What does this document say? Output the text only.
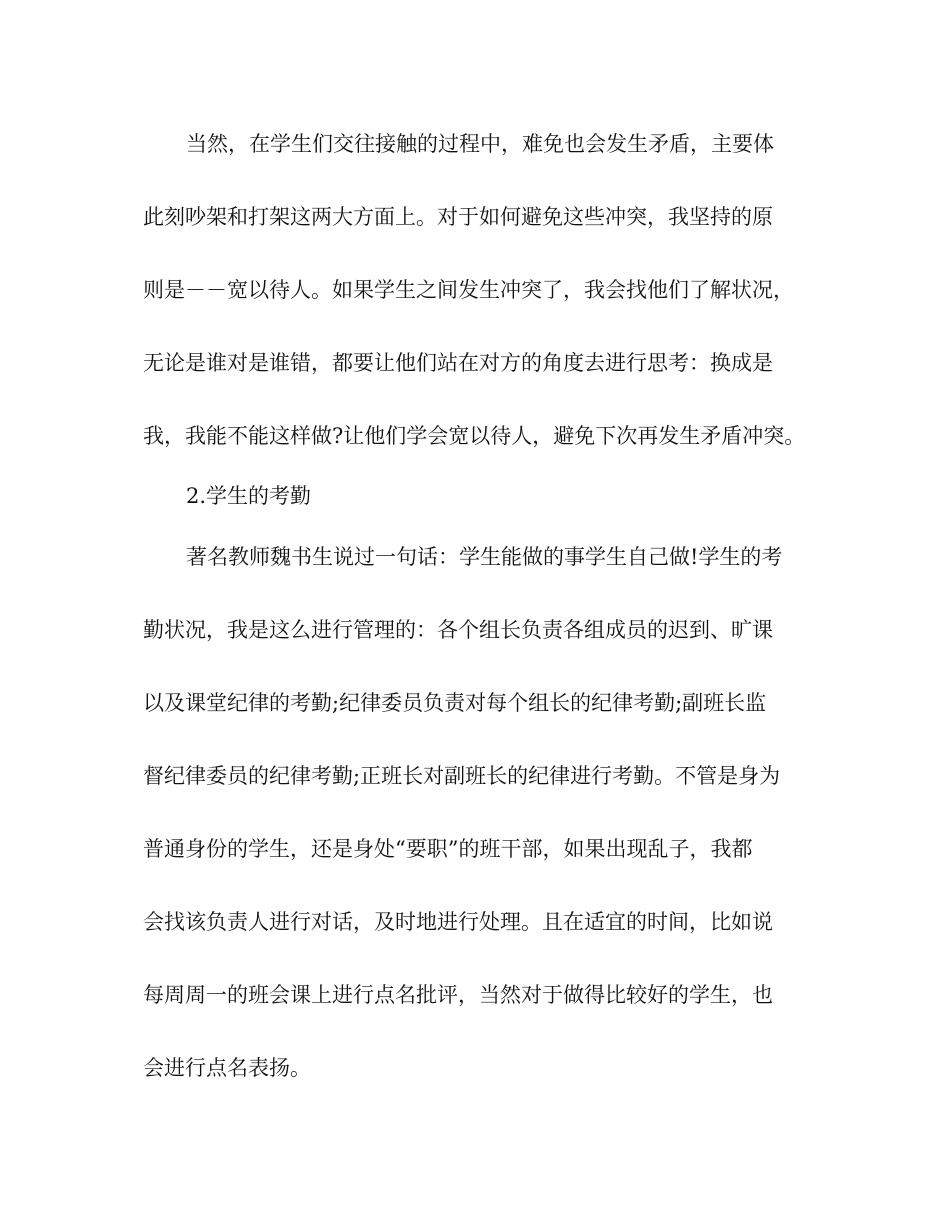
当然，在学生们交往接触的过程中，难免也会发生矛盾，主要体
此刻吵架和打架这两大方面上。对于如何避免这些冲突，我坚持的原
则是－－宽以待人。如果学生之间发生冲突了，我会找他们了解状况，
无论是谁对是谁错，都要让他们站在对方的角度去进行思考：换成是
我，我能不能这样做?让他们学会宽以待人，避免下次再发生矛盾冲突。
2.学生的考勤
著名教师魏书生说过一句话：学生能做的事学生自己做!学生的考
勤状况，我是这么进行管理的：各个组长负责各组成员的迟到、旷课
以及课堂纪律的考勤;纪律委员负责对每个组长的纪律考勤;副班长监
督纪律委员的纪律考勤;正班长对副班长的纪律进行考勤。不管是身为
普通身份的学生，还是身处“要职”的班干部，如果出现乱子，我都
会找该负责人进行对话，及时地进行处理。且在适宜的时间，比如说
每周周一的班会课上进行点名批评，当然对于做得比较好的学生，也
会进行点名表扬。
